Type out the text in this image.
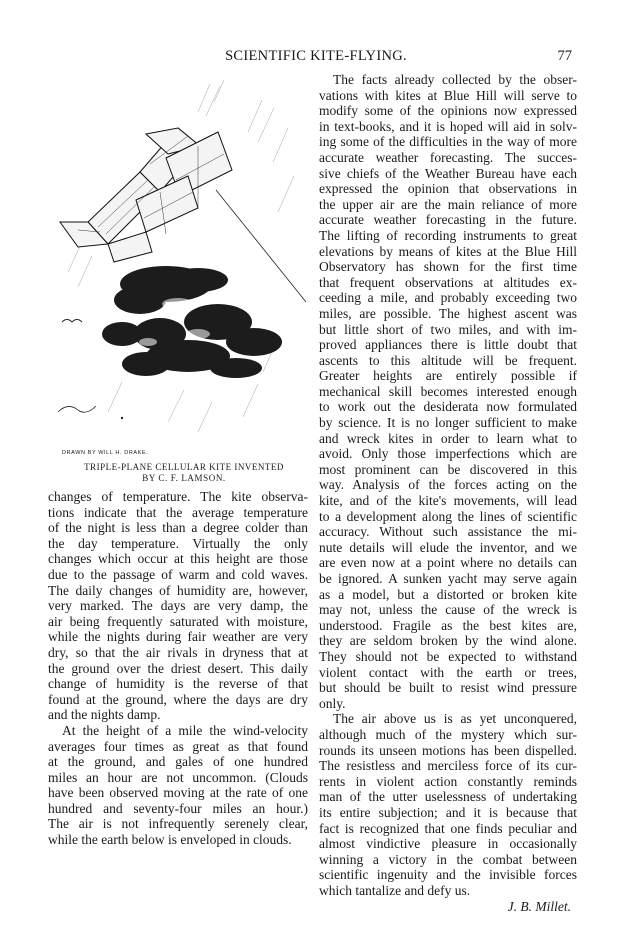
SCIENTIFIC KITE-FLYING.	77
DRAWN BY WILL H. DRAKE.
TRIPLE-PLANE CELLULAR KITE INVENTED
BY C. F. LAMSON.
changes of temperature. The kite observa-
tions indicate that the average temperature
of the night is less than a degree colder than
the day temperature. Virtually the only
changes which occur at this height are those
due to the passage of warm and cold waves.
The daily changes of humidity are, however,
very marked. The days are very damp, the
air being frequently saturated with moisture,
while the nights during fair weather are very
dry, so that the air rivals in dryness that at
the ground over the driest desert. This daily
change of humidity is the reverse of that
found at the ground, where the days are dry
and the nights damp.
At the height of a mile the wind-velocity
averages four times as great as that found
at the ground, and gales of one hundred
miles an hour are not uncommon. (Clouds
have been observed moving at the rate of one
hundred and seventy-four miles an hour.)
The air is not infrequently serenely clear,
while the earth below is enveloped in clouds.
The facts already collected by the obser-
vations with kites at Blue Hill will serve to
modify some of the opinions now expressed
in text-books, and it is hoped will aid in solv-
ing some of the difficulties in the way of more
accurate weather forecasting. The succes-
sive chiefs of the Weather Bureau have each
expressed the opinion that observations in
the upper air are the main reliance of more
accurate weather forecasting in the future.
The lifting of recording instruments to great
elevations by means of kites at the Blue Hill
Observatory has shown for the first time
that frequent observations at altitudes ex-
ceeding a mile, and probably exceeding two
miles, are possible. The highest ascent was
but little short of two miles, and with im-
proved appliances there is little doubt that
ascents to this altitude will be frequent.
Greater heights are entirely possible if
mechanical skill becomes interested enough
to work out the desiderata now formulated
by science. It is no longer sufficient to make
and wreck kites in order to learn what to
avoid. Only those imperfections which are
most prominent can be discovered in this
way. Analysis of the forces acting on the
kite, and of the kite's movements, will lead
to a development along the lines of scientific
accuracy. Without such assistance the mi-
nute details will elude the inventor, and we
are even now at a point where no details can
be ignored. A sunken yacht may serve again
as a model, but a distorted or broken kite
may not, unless the cause of the wreck is
understood. Fragile as the best kites are,
they are seldom broken by the wind alone.
They should not be expected to withstand
violent contact with the earth or trees,
but should be built to resist wind pressure
only.
The air above us is as yet unconquered,
although much of the mystery which sur-
rounds its unseen motions has been dispelled.
The resistless and merciless force of its cur-
rents in violent action constantly reminds
man of the utter uselessness of undertaking
its entire subjection; and it is because that
fact is recognized that one finds peculiar and
almost vindictive pleasure in occasionally
winning a victory in the combat between
scientific ingenuity and the invisible forces
which tantalize and defy us.
J. B. Millet.
